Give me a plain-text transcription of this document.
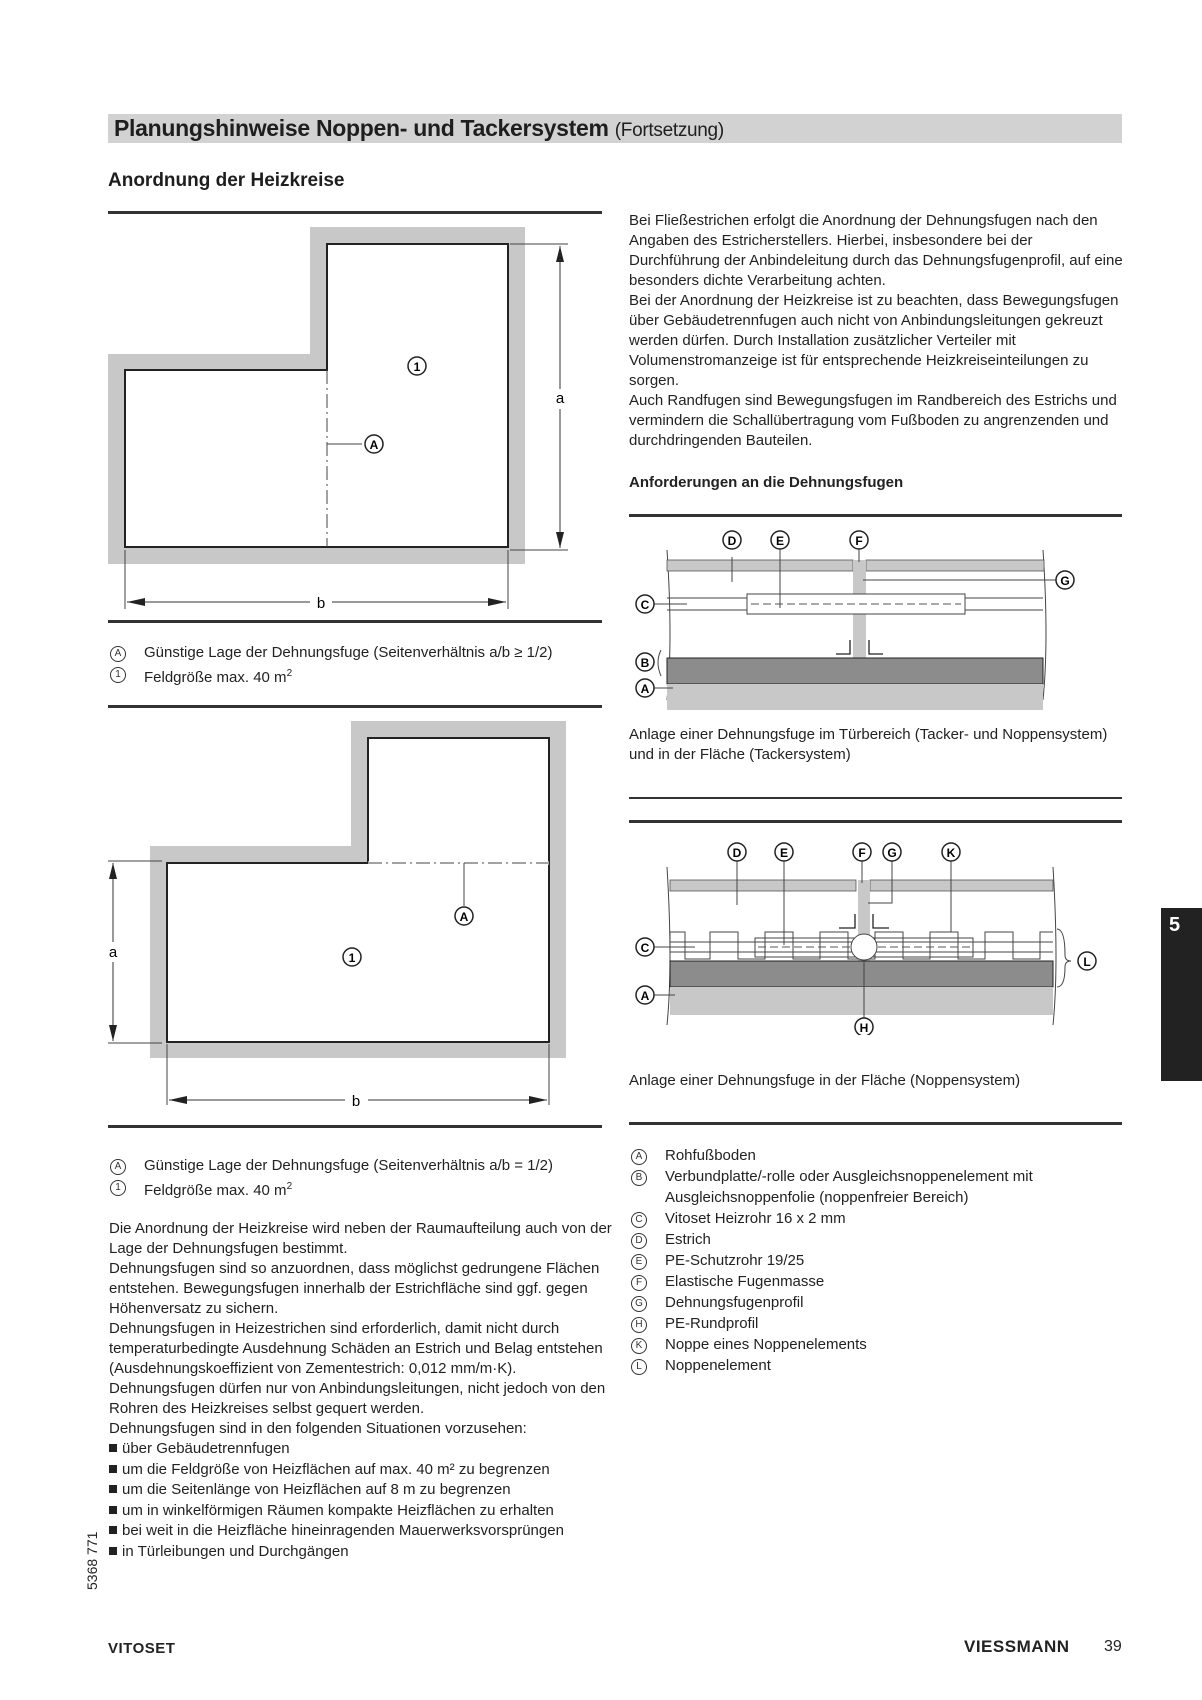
Planungshinweise Noppen- und Tackersystem (Fortsetzung)
Anordnung der Heizkreise
A
1
a
b
A	Günstige Lage der Dehnungsfuge (Seitenverhältnis a/b ≥ 1/2)
1	Feldgröße max. 40 $m^2$
A
1
a
b
A	Günstige Lage der Dehnungsfuge (Seitenverhältnis a/b = 1/2)
1	Feldgröße max. 40 $m^2$
Die Anordnung der Heizkreise wird neben der Raumaufteilung auch von der Lage der Dehnungsfugen bestimmt.
Dehnungsfugen sind so anzuordnen, dass möglichst gedrungene Flächen entstehen. Bewegungsfugen innerhalb der Estrichfläche sind ggf. gegen Höhenversatz zu sichern.
Dehnungsfugen in Heizestrichen sind erforderlich, damit nicht durch temperaturbedingte Ausdehnung Schäden an Estrich und Belag entstehen (Ausdehnungskoeffizient von Zementestrich: 0,012 mm/m·K).
Dehnungsfugen dürfen nur von Anbindungsleitungen, nicht jedoch von den Rohren des Heizkreises selbst gequert werden.
Dehnungsfugen sind in den folgenden Situationen vorzusehen:
über Gebäudetrennfugen
um die Feldgröße von Heizflächen auf max. 40 m² zu begrenzen
um die Seitenlänge von Heizflächen auf 8 m zu begrenzen
um in winkelförmigen Räumen kompakte Heizflächen zu erhalten
bei weit in die Heizfläche hineinragenden Mauerwerksvorsprüngen
in Türleibungen und Durchgängen
Bei Fließestrichen erfolgt die Anordnung der Dehnungsfugen nach den Angaben des Estricherstellers. Hierbei, insbesondere bei der Durchführung der Anbindeleitung durch das Dehnungsfugenprofil, auf eine besonders dichte Verarbeitung achten.
Bei der Anordnung der Heizkreise ist zu beachten, dass Bewegungsfugen über Gebäudetrennfugen auch nicht von Anbindungsleitungen gekreuzt werden dürfen. Durch Installation zusätzlicher Verteiler mit Volumenstromanzeige ist für entsprechende Heizkreiseinteilungen zu sorgen.
Auch Randfugen sind Bewegungsfugen im Randbereich des Estrichs und vermindern die Schallübertragung vom Fußboden zu angrenzenden und durchdringenden Bauteilen.
Anforderungen an die Dehnungsfugen
D	E	F
G
C
B
A
Anlage einer Dehnungsfuge im Türbereich (Tacker- und Noppensystem) und in der Fläche (Tackersystem)
D	E	F G	K
C
L
A
H
Anlage einer Dehnungsfuge in der Fläche (Noppensystem)
A	Rohfußboden
B	Verbundplatte/-rolle oder Ausgleichsnoppenelement mit Ausgleichsnoppenfolie (noppenfreier Bereich)
C	Vitoset Heizrohr 16 x 2 mm
D	Estrich
E	PE-Schutzrohr 19/25
F	Elastische Fugenmasse
G	Dehnungsfugenprofil
H	PE-Rundprofil
K	Noppe eines Noppenelements
L	Noppenelement
5
5368 771
VITOSET	VIESSMANN 39
